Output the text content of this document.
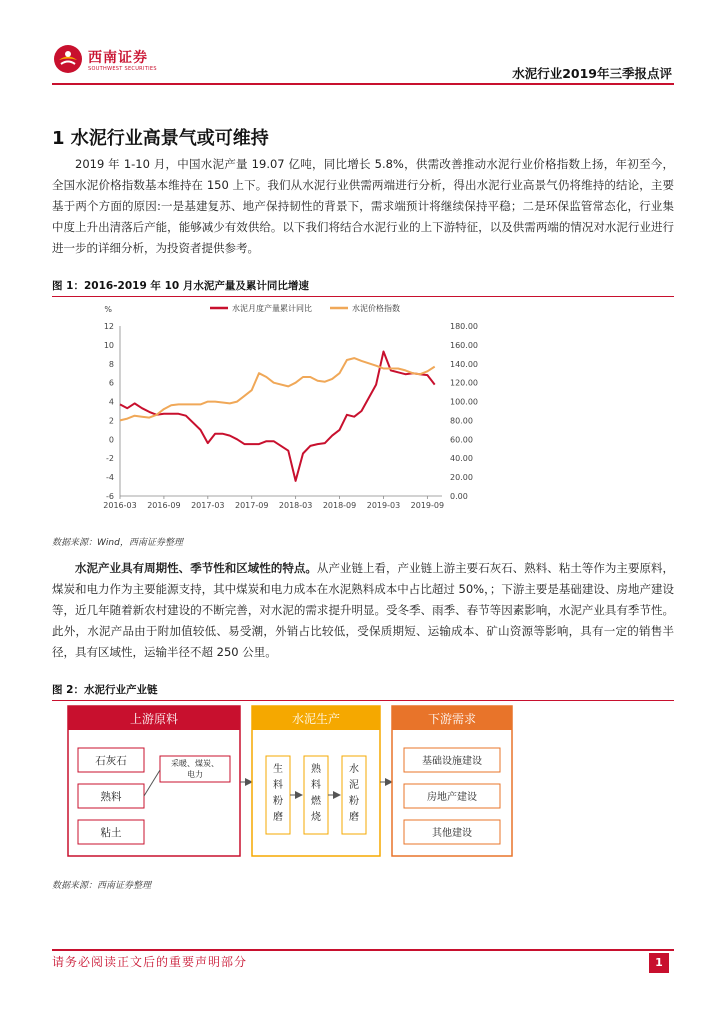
西南证券
SOUTHWEST SECURITIES	水泥行业2019年三季报点评
1 水泥行业高景气或可维持

2019 年 1-10 月，中国水泥产量 19.07 亿吨，同比增长 5.8%，供需改善推动水泥行业价格指数上扬，年初至今，全国水泥价格指数基本维持在 150 上下。我们从水泥行业供需两端进行分析，得出水泥行业高景气仍将维持的结论，主要基于两个方面的原因:一是基建复苏、地产保持韧性的背景下，需求端预计将继续保持平稳；二是环保监管常态化，行业集中度上升出清落后产能，能够减少有效供给。以下我们将结合水泥行业的上下游特征，以及供需两端的情况对水泥行业进行进一步的详细分析，为投资者提供参考。

图 1：2016-2019 年 10 月水泥产量及累计同比增速
%
12
10
8
6
4
2
0
-2
-4
-6
180.00
160.00
140.00
120.00
100.00
80.00
60.00
40.00
20.00
0.00
2016-03 2016-09 2017-03 2017-09 2018-03 2018-09 2019-03 2019-09
水泥月度产量累计同比	水泥价格指数
数据来源：Wind，西南证券整理

水泥产业具有周期性、季节性和区域性的特点。从产业链上看，产业链上游主要石灰石、熟料、粘土等作为主要原料，煤炭和电力作为主要能源支持，其中煤炭和电力成本在水泥熟料成本中占比超过 50%，；下游主要是基础建设、房地产建设等，近几年随着新农村建设的不断完善，对水泥的需求提升明显。受冬季、雨季、春节等因素影响，水泥产业具有季节性。此外，水泥产品由于附加值较低、易受潮，外销占比较低，受保质期短、运输成本、矿山资源等影响，具有一定的销售半径，具有区域性，运输半径不超 250 公里。

图 2：水泥行业产业链
上游原料
石灰石
熟料
粘土
采暖、煤炭、
电力
水泥生产
生
料
粉
磨
熟
料
燃
烧
水
泥
粉
磨
下游需求
基础设施建设
房地产建设
其他建设
数据来源：西南证券整理
请务必阅读正文后的重要声明部分	1
